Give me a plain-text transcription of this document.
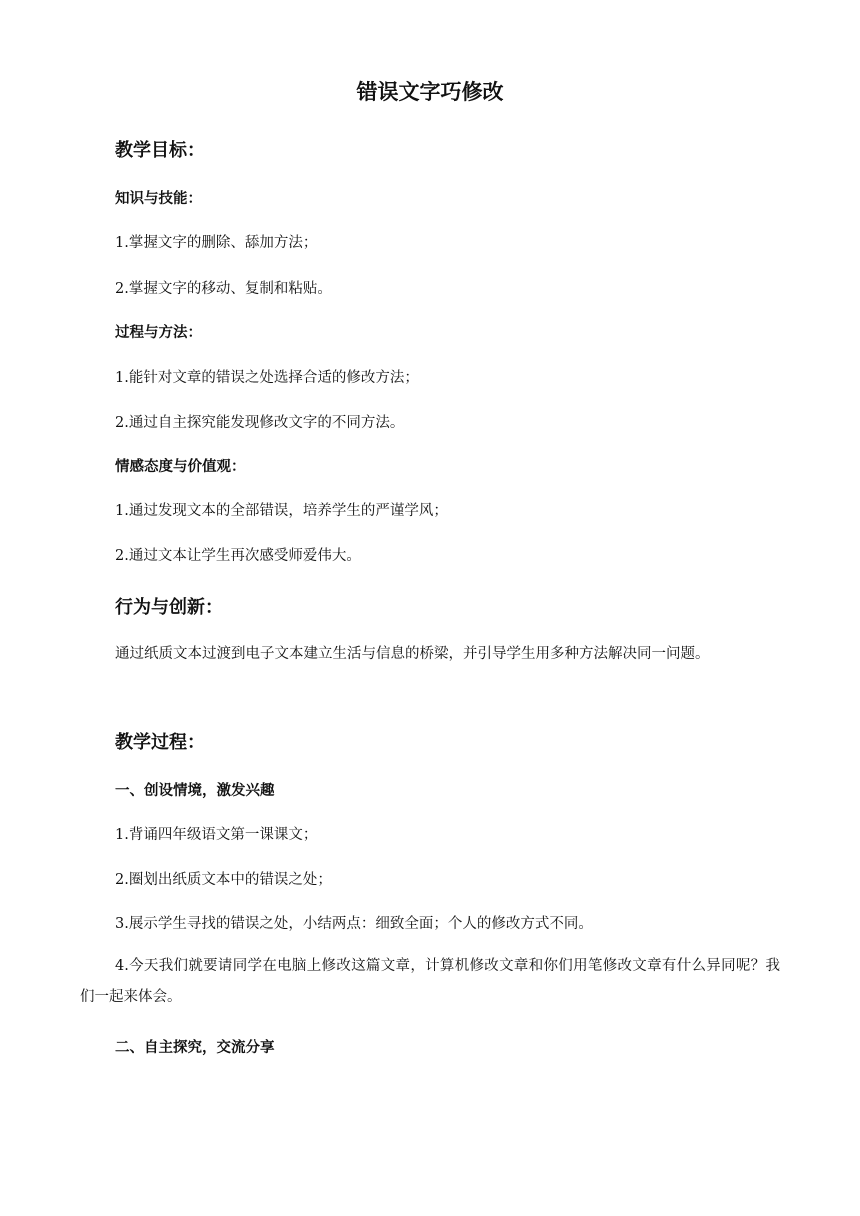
错误文字巧修改
教学目标：
知识与技能：
1.掌握文字的删除、舔加方法；
2.掌握文字的移动、复制和粘贴。
过程与方法：
1.能针对文章的错误之处选择合适的修改方法；
2.通过自主探究能发现修改文字的不同方法。
情感态度与价值观：
1.通过发现文本的全部错误，培养学生的严谨学风；
2.通过文本让学生再次感受师爱伟大。
行为与创新：

通过纸质文本过渡到电子文本建立生活与信息的桥梁，并引导学生用多种方法解决同一问题。

教学过程：
一、创设情境，激发兴趣
1.背诵四年级语文第一课课文；
2.圈划出纸质文本中的错误之处；
3.展示学生寻找的错误之处，小结两点：细致全面；个人的修改方式不同。

4.今天我们就要请同学在电脑上修改这篇文章，计算机修改文章和你们用笔修改文章有什么异同呢？我们一起来体会。

二、自主探究，交流分享
